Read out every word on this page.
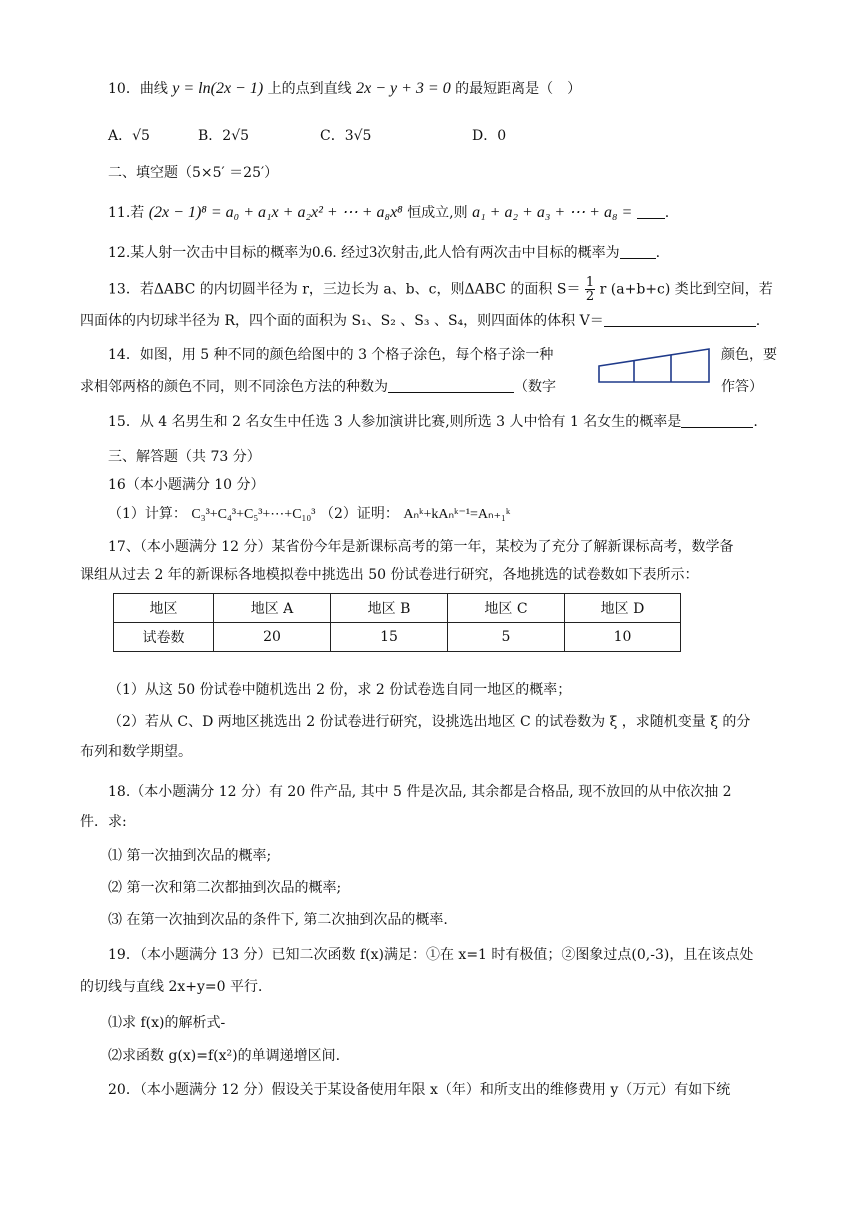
10．曲线 y = ln(2x − 1) 上的点到直线 2x − y + 3 = 0 的最短距离是（　）
A．√5	B．2√5	C．3√5	D．0
二、填空题（5×5′ ＝25′）
11.若 (2x − 1)⁸ = a₀ + a₁x + a₂x² + ⋯ + a₈x⁸ 恒成立,则 a₁ + a₂ + a₃ + ⋯ + a₈ = .
12.某人射一次击中目标的概率为0.6. 经过3次射击,此人恰有两次击中目标的概率为	.
13．若ΔABC 的内切圆半径为 r，三边长为 a、b、c，则ΔABC 的面积 $S= \frac{1}{2}$ r (a+b+c) 类比到空间，若
四面体的内切球半径为 R，四个面的面积为 S₁、S₂ 、S₃ 、S₄，则四面体的体积 V＝	.
14．如图，用 5 种不同的颜色给图中的 3 个格子涂色，每个格子涂一种	颜色，要
求相邻两格的颜色不同，则不同涂色方法的种数为	（数字	作答）
15．从 4 名男生和 2 名女生中任选 3 人参加演讲比赛,则所选 3 人中恰有 1 名女生的概率是	.
三、解答题（共 73 分）
16（本小题满分 10 分）
（1）计算： C₃³+C₄³+C₅³+⋯+C₁₀³ （2）证明： Aₙᵏ+kAₙᵏ⁻¹=Aₙ₊₁ᵏ
17、（本小题满分 12 分）某省份今年是新课标高考的第一年，某校为了充分了解新课标高考，数学备
课组从过去 2 年的新课标各地模拟卷中挑选出 50 份试卷进行研究，各地挑选的试卷数如下表所示：
地区	地区 A	地区 B	地区 C	地区 D
试卷数	20	15	5	10
（1）从这 50 份试卷中随机选出 2 份，求 2 份试卷选自同一地区的概率；
（2）若从 C、D 两地区挑选出 2 份试卷进行研究，设挑选出地区 C 的试卷数为 ξ ，求随机变量 ξ 的分
布列和数学期望。
18.（本小题满分 12 分）有 20 件产品, 其中 5 件是次品, 其余都是合格品, 现不放回的从中依次抽 2
件．求:
⑴ 第一次抽到次品的概率;
⑵ 第一次和第二次都抽到次品的概率;
⑶ 在第一次抽到次品的条件下, 第二次抽到次品的概率.
19．（本小题满分 13 分）已知二次函数 f(x)满足：①在 x=1 时有极值；②图象过点(0,-3)，且在该点处
的切线与直线 2x+y=0 平行．
⑴求 f(x)的解析式-
⑵求函数 g(x)=f(x²)的单调递增区间.
20．（本小题满分 12 分）假设关于某设备使用年限 x（年）和所支出的维修费用 y（万元）有如下统
